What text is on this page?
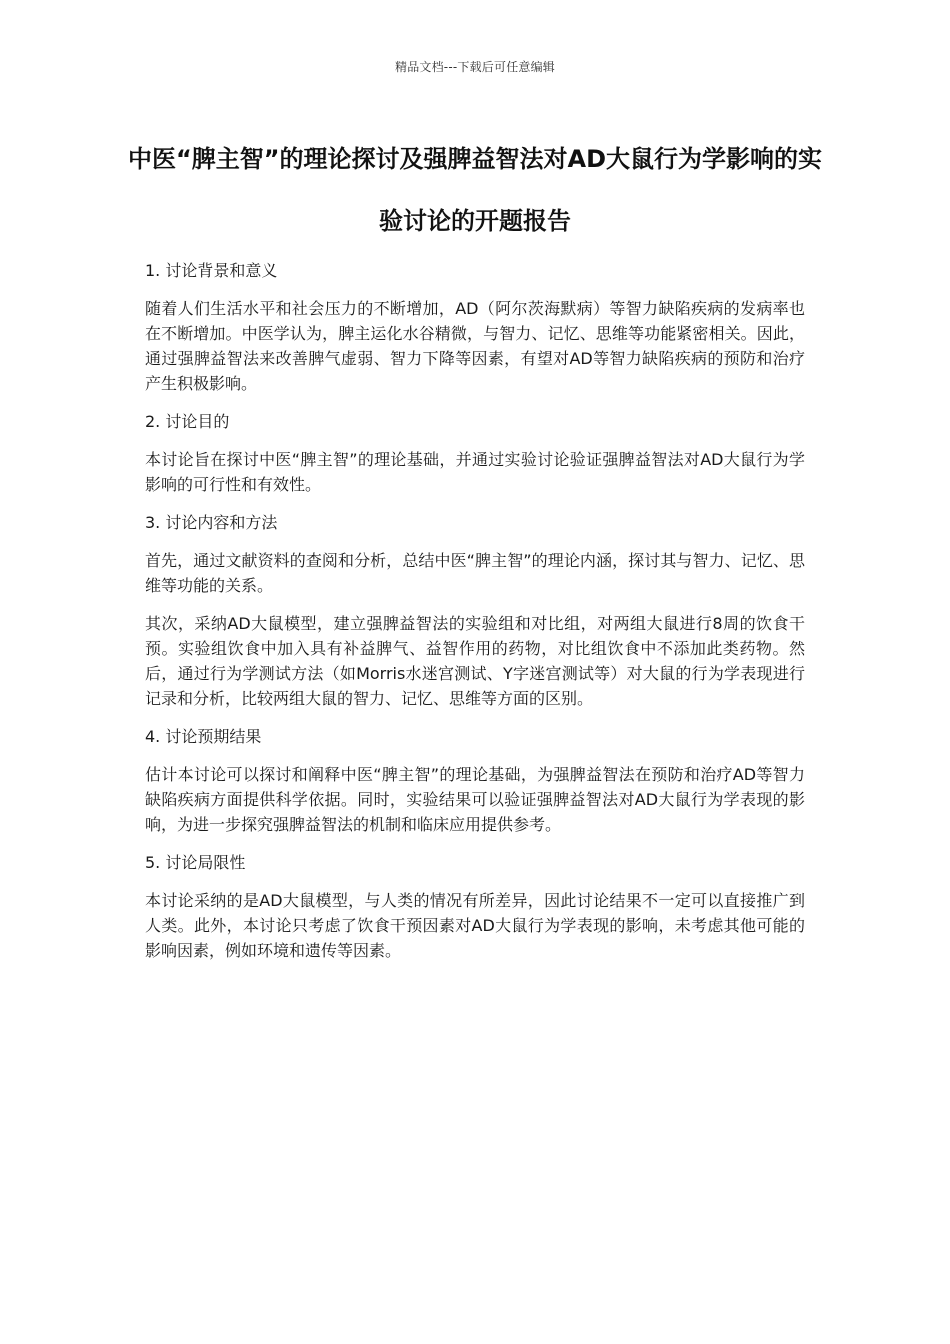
精品文档---下载后可任意编辑
中医“脾主智”的理论探讨及强脾益智法对AD大鼠行为学影响的实验讨论的开题报告
1. 讨论背景和意义
随着人们生活水平和社会压力的不断增加，AD（阿尔茨海默病）等智力缺陷疾病的发病率也在不断增加。中医学认为，脾主运化水谷精微，与智力、记忆、思维等功能紧密相关。因此，通过强脾益智法来改善脾气虚弱、智力下降等因素，有望对AD等智力缺陷疾病的预防和治疗产生积极影响。
2. 讨论目的
本讨论旨在探讨中医“脾主智”的理论基础，并通过实验讨论验证强脾益智法对AD大鼠行为学影响的可行性和有效性。
3. 讨论内容和方法
首先，通过文献资料的查阅和分析，总结中医“脾主智”的理论内涵，探讨其与智力、记忆、思维等功能的关系。
其次，采纳AD大鼠模型，建立强脾益智法的实验组和对比组，对两组大鼠进行8周的饮食干预。实验组饮食中加入具有补益脾气、益智作用的药物，对比组饮食中不添加此类药物。然后，通过行为学测试方法（如Morris水迷宫测试、Y字迷宫测试等）对大鼠的行为学表现进行记录和分析，比较两组大鼠的智力、记忆、思维等方面的区别。
4. 讨论预期结果
估计本讨论可以探讨和阐释中医“脾主智”的理论基础，为强脾益智法在预防和治疗AD等智力缺陷疾病方面提供科学依据。同时，实验结果可以验证强脾益智法对AD大鼠行为学表现的影响，为进一步探究强脾益智法的机制和临床应用提供参考。
5. 讨论局限性
本讨论采纳的是AD大鼠模型，与人类的情况有所差异，因此讨论结果不一定可以直接推广到人类。此外，本讨论只考虑了饮食干预因素对AD大鼠行为学表现的影响，未考虑其他可能的影响因素，例如环境和遗传等因素。
